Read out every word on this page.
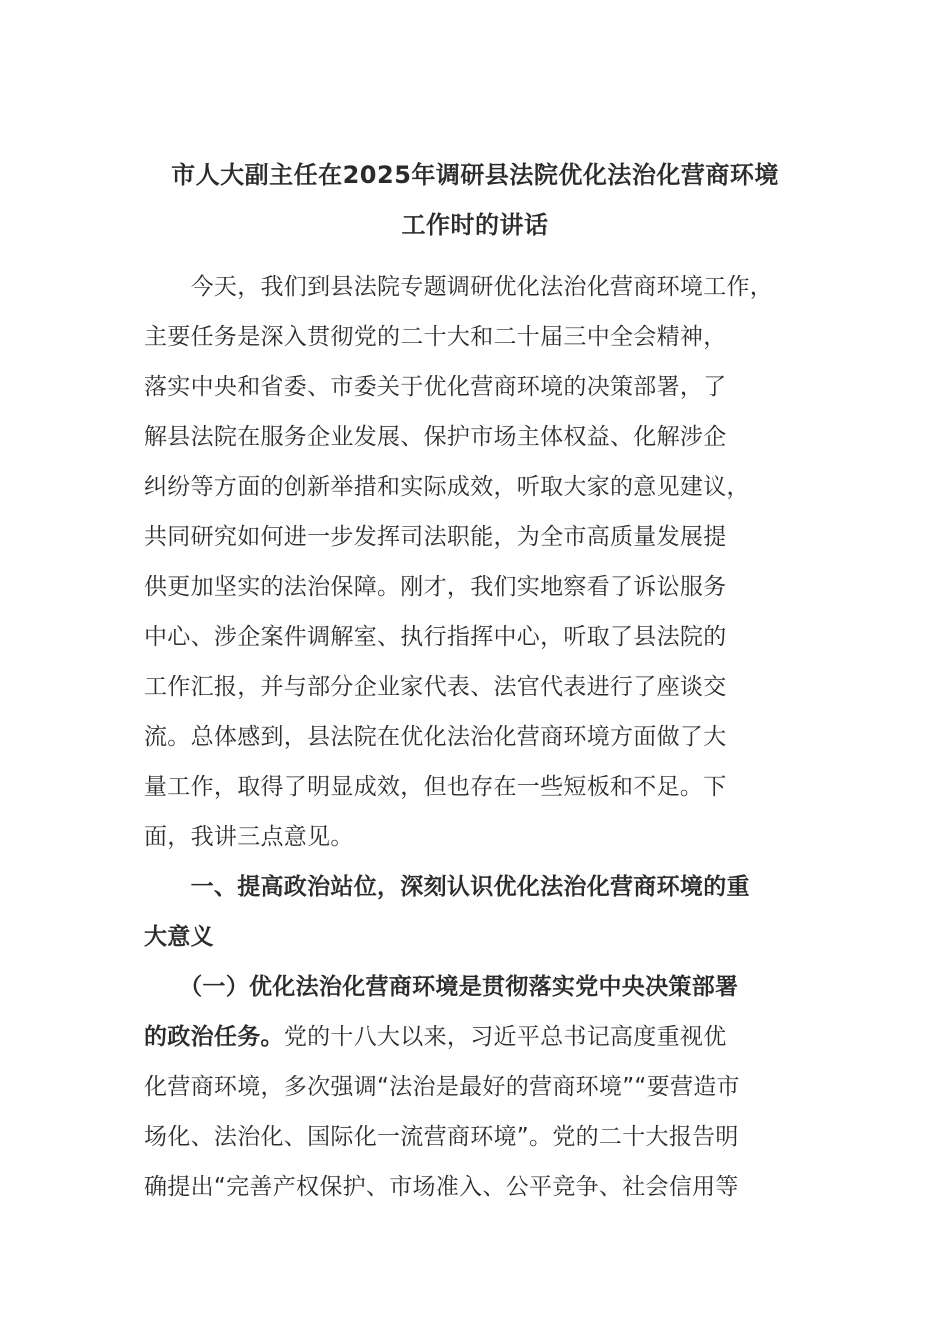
市人大副主任在2025年调研县法院优化法治化营商环境
工作时的讲话
　　今天，我们到县法院专题调研优化法治化营商环境工作，
主要任务是深入贯彻党的二十大和二十届三中全会精神，
落实中央和省委、市委关于优化营商环境的决策部署，了
解县法院在服务企业发展、保护市场主体权益、化解涉企
纠纷等方面的创新举措和实际成效，听取大家的意见建议，
共同研究如何进一步发挥司法职能，为全市高质量发展提
供更加坚实的法治保障。刚才，我们实地察看了诉讼服务
中心、涉企案件调解室、执行指挥中心，听取了县法院的
工作汇报，并与部分企业家代表、法官代表进行了座谈交
流。总体感到，县法院在优化法治化营商环境方面做了大
量工作，取得了明显成效，但也存在一些短板和不足。下
面，我讲三点意见。
　　一、提高政治站位，深刻认识优化法治化营商环境的重
大意义
　　（一）优化法治化营商环境是贯彻落实党中央决策部署
的政治任务。党的十八大以来，习近平总书记高度重视优
化营商环境，多次强调“法治是最好的营商环境”“要营造市
场化、法治化、国际化一流营商环境”。党的二十大报告明
确提出“完善产权保护、市场准入、公平竞争、社会信用等
